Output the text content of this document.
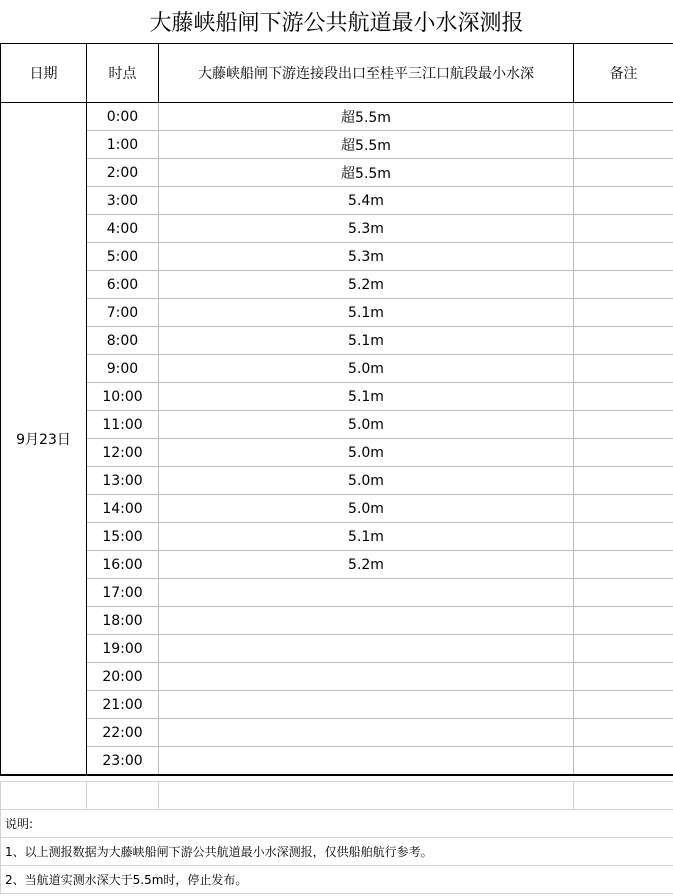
大藤峡船闸下游公共航道最小水深测报
日期	时点	大藤峡船闸下游连接段出口至桂平三江口航段最小水深	备注
9月23日	0:00	超5.5m	
	1:00	超5.5m	
	2:00	超5.5m	
	3:00	5.4m	
	4:00	5.3m	
	5:00	5.3m	
	6:00	5.2m	
	7:00	5.1m	
	8:00	5.1m	
	9:00	5.0m	
	10:00	5.1m	
	11:00	5.0m	
	12:00	5.0m	
	13:00	5.0m	
	14:00	5.0m	
	15:00	5.1m	
	16:00	5.2m	
	17:00		
	18:00		
	19:00		
	20:00		
	21:00		
	22:00		
	23:00		

说明:
1、以上测报数据为大藤峡船闸下游公共航道最小水深测报，仅供船舶航行参考。
2、当航道实测水深大于5.5m时，停止发布。
